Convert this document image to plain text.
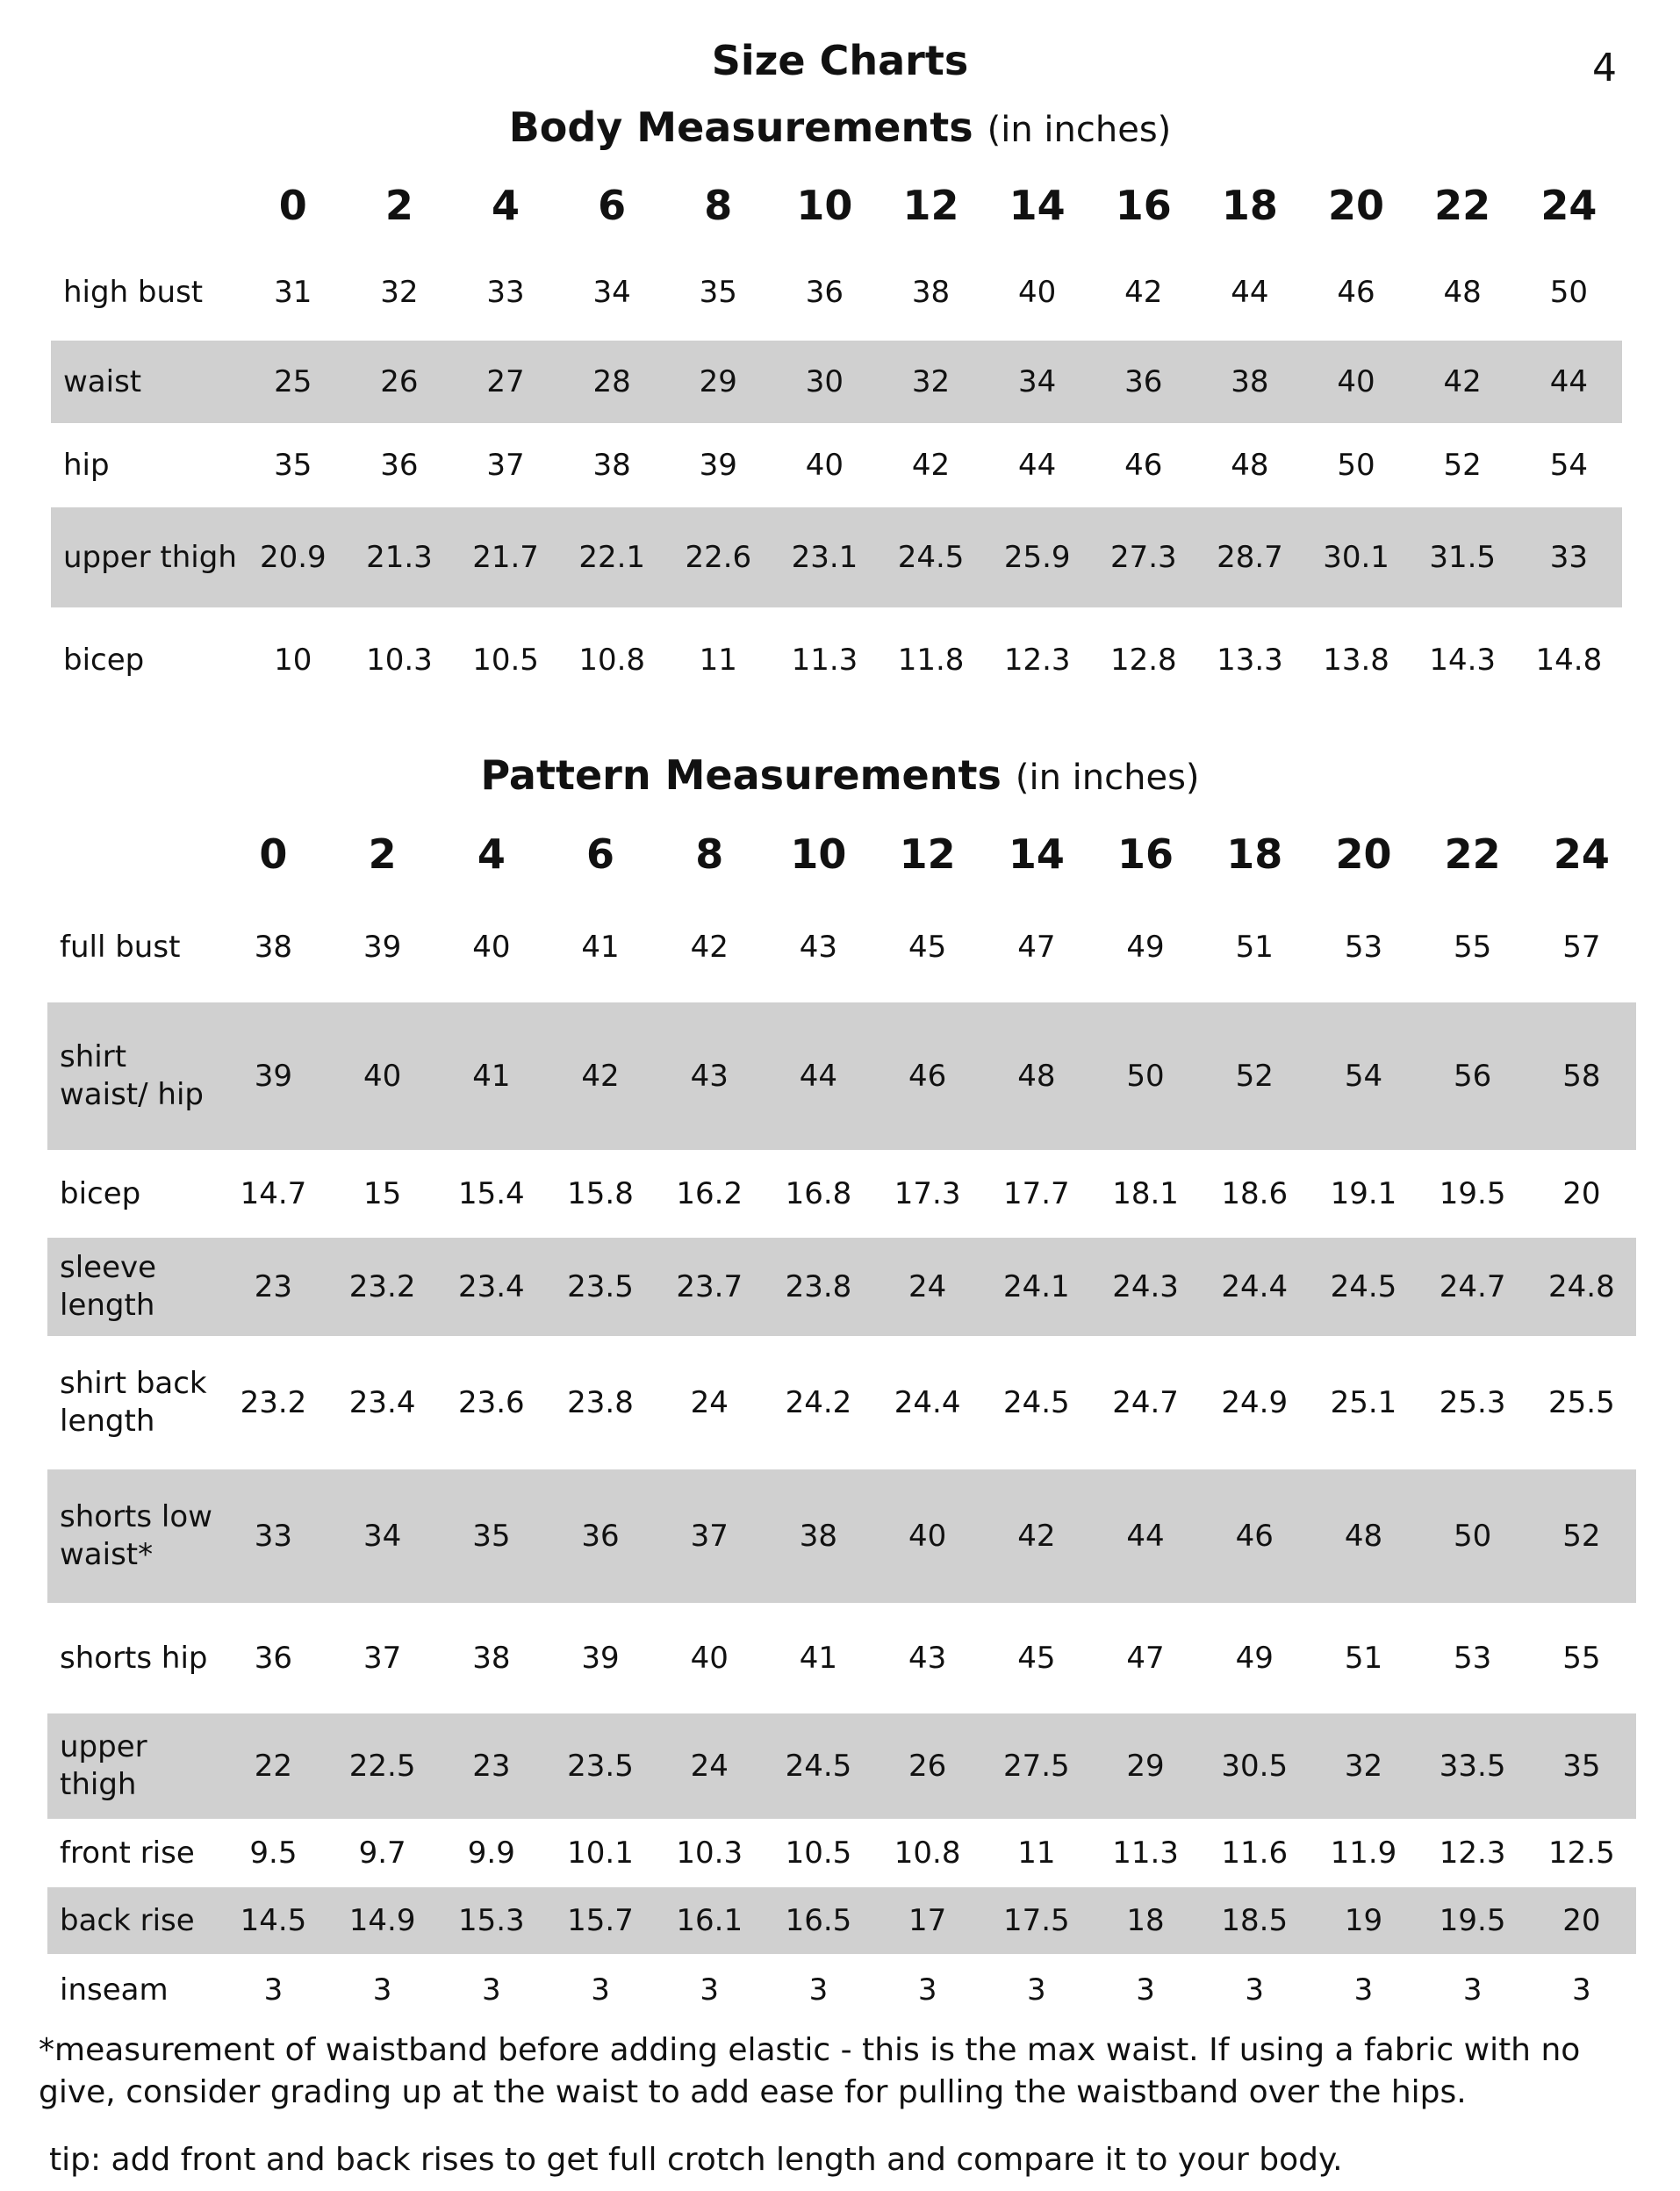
Size Charts	4
Body Measurements (in inches)
	0	2	4	6	8	10	12	14	16	18	20	22	24
high bust	31	32	33	34	35	36	38	40	42	44	46	48	50
waist	25	26	27	28	29	30	32	34	36	38	40	42	44
hip	35	36	37	38	39	40	42	44	46	48	50	52	54
upper thigh	20.9	21.3	21.7	22.1	22.6	23.1	24.5	25.9	27.3	28.7	30.1	31.5	33
bicep	10	10.3	10.5	10.8	11	11.3	11.8	12.3	12.8	13.3	13.8	14.3	14.8
Pattern Measurements (in inches)
	0	2	4	6	8	10	12	14	16	18	20	22	24
full bust	38	39	40	41	42	43	45	47	49	51	53	55	57
shirt waist/ hip	39	40	41	42	43	44	46	48	50	52	54	56	58
bicep	14.7	15	15.4	15.8	16.2	16.8	17.3	17.7	18.1	18.6	19.1	19.5	20
sleeve length	23	23.2	23.4	23.5	23.7	23.8	24	24.1	24.3	24.4	24.5	24.7	24.8
shirt back length	23.2	23.4	23.6	23.8	24	24.2	24.4	24.5	24.7	24.9	25.1	25.3	25.5
shorts low waist*	33	34	35	36	37	38	40	42	44	46	48	50	52
shorts hip	36	37	38	39	40	41	43	45	47	49	51	53	55
upper thigh	22	22.5	23	23.5	24	24.5	26	27.5	29	30.5	32	33.5	35
front rise	9.5	9.7	9.9	10.1	10.3	10.5	10.8	11	11.3	11.6	11.9	12.3	12.5
back rise	14.5	14.9	15.3	15.7	16.1	16.5	17	17.5	18	18.5	19	19.5	20
inseam	3	3	3	3	3	3	3	3	3	3	3	3	3
*measurement of waistband before adding elastic - this is the max waist. If using a fabric with no give, consider grading up at the waist to add ease for pulling the waistband over the hips.
tip: add front and back rises to get full crotch length and compare it to your body.
